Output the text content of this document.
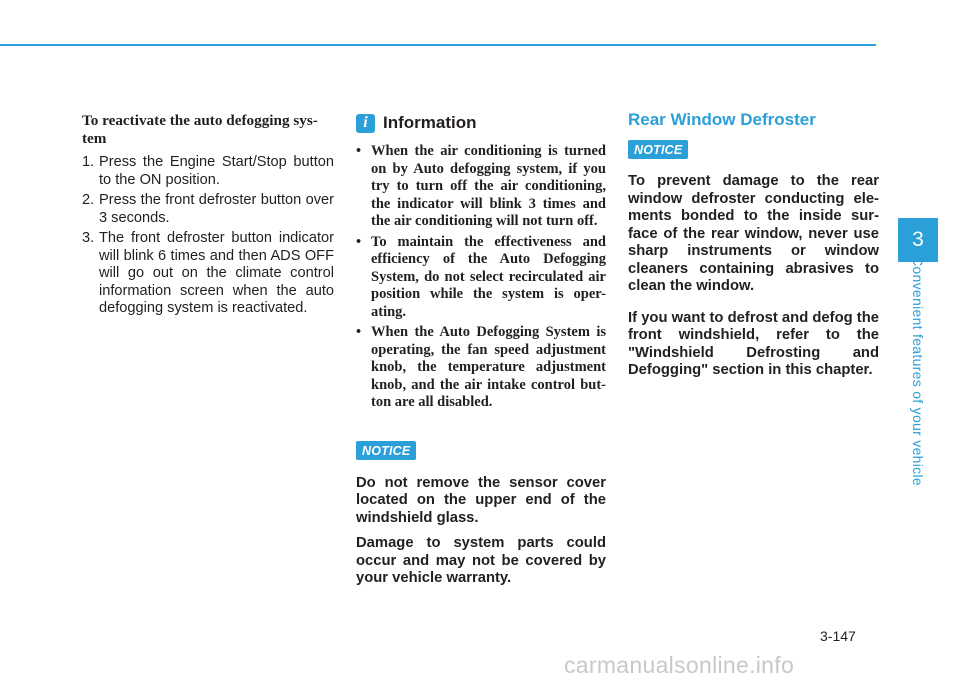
To reactivate the auto defogging sys-tem

1. Press the Engine Start/Stop button to the ON position.
2. Press the front defroster button over 3 seconds.
3. The front defroster button indicator will blink 6 times and then ADS OFF will go out on the climate control information screen when the auto defogging system is reactivated.
i Information
• When the air conditioning is turned on by Auto defogging system, if you try to turn off the air conditioning, the indicator will blink 3 times and the air conditioning will not turn off.
• To maintain the effectiveness and efficiency of the Auto Defogging System, do not select recirculated air position while the system is oper-ating.
• When the Auto Defogging System is operating, the fan speed adjustment knob, the temperature adjustment knob, and the air intake control but-ton are all disabled.
NOTICE

Do not remove the sensor cover located on the upper end of the windshield glass.

Damage to system parts could occur and may not be covered by your vehicle warranty.

Rear Window Defroster

NOTICE

To prevent damage to the rear window defroster conducting ele-ments bonded to the inside sur-face of the rear window, never use sharp instruments or window cleaners containing abrasives to clean the window.

If you want to defrost and defog the front windshield, refer to the "Windshield Defrosting and Defogging" section in this chapter.

3
Convenient features of your vehicle
3-147
carmanualsonline.info
